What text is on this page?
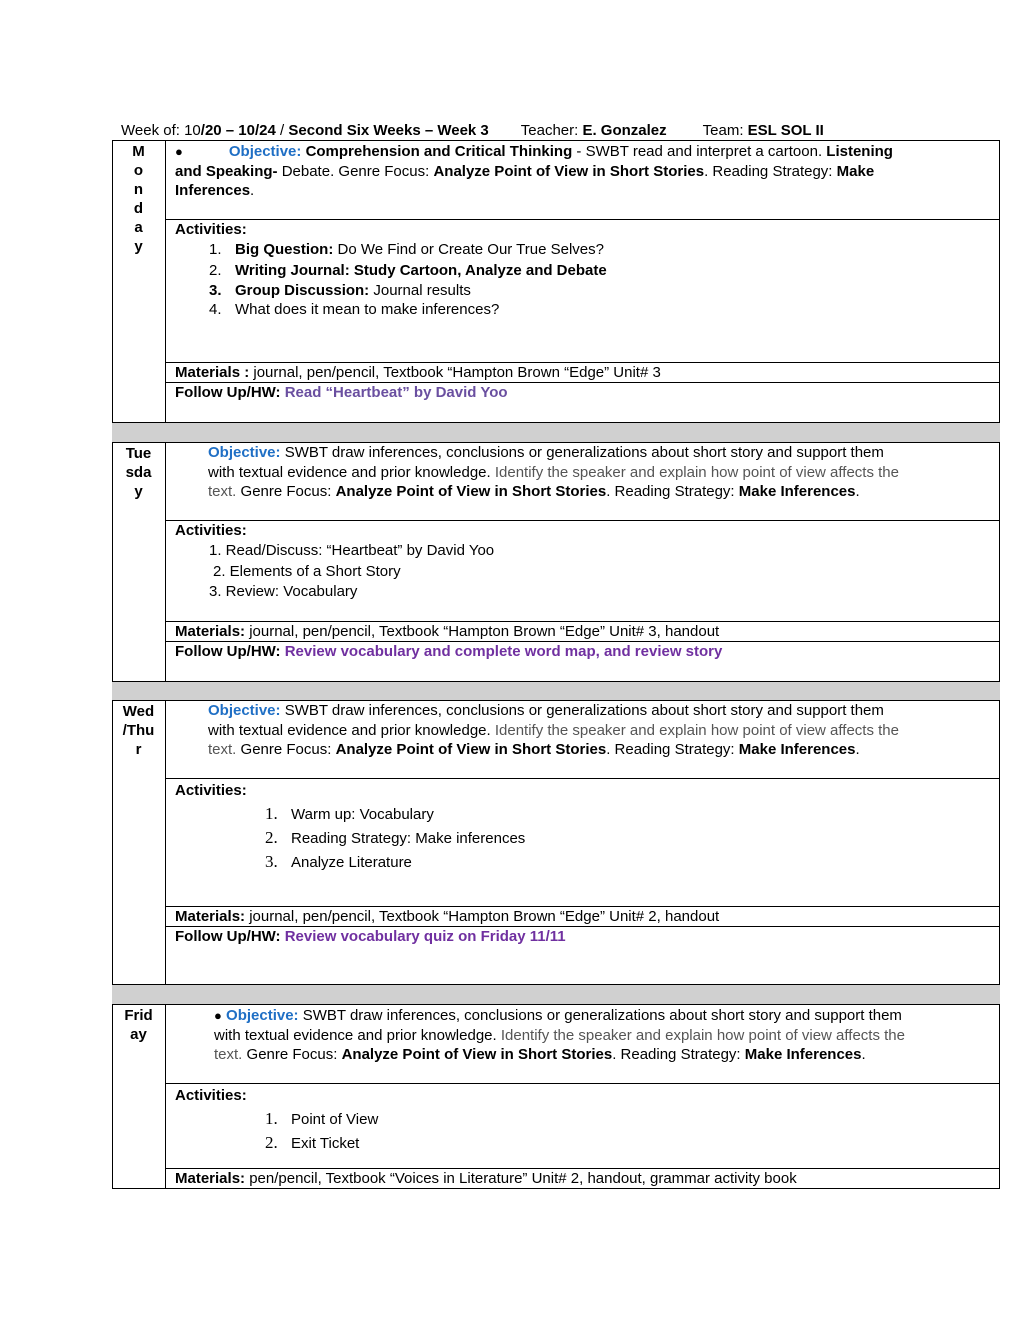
Week of: 10/20 – 10/24 / Second Six Weeks – Week 3 Teacher: E. Gonzalez Team: ESL SOL II
M
o
n
d
a
y
●	Objective: Comprehension and Critical Thinking - SWBT read and interpret a cartoon. Listening
and Speaking- Debate. Genre Focus: Analyze Point of View in Short Stories. Reading Strategy: Make
Inferences.
Activities:
1. Big Question: Do We Find or Create Our True Selves?

2. Writing Journal: Study Cartoon, Analyze and Debate
3. Group Discussion: Journal results
4. What does it mean to make inferences?
Materials : journal, pen/pencil, Textbook “Hampton Brown “Edge” Unit# 3
Follow Up/HW: Read “Heartbeat” by David Yoo
Tue
sda
y
Objective: SWBT draw inferences, conclusions or generalizations about short story and support them
with textual evidence and prior knowledge. Identify the speaker and explain how point of view affects the
text. Genre Focus: Analyze Point of View in Short Stories. Reading Strategy: Make Inferences.
Activities:

1. Read/Discuss: “Heartbeat” by David Yoo
2. Elements of a Short Story
3. Review: Vocabulary
Materials: journal, pen/pencil, Textbook “Hampton Brown “Edge” Unit# 3, handout
Follow Up/HW: Review vocabulary and complete word map, and review story
Wed
/Thu
r
Objective: SWBT draw inferences, conclusions or generalizations about short story and support them
with textual evidence and prior knowledge. Identify the speaker and explain how point of view affects the
text. Genre Focus: Analyze Point of View in Short Stories. Reading Strategy: Make Inferences.
Activities:

1. Warm up: Vocabulary
2. Reading Strategy: Make inferences
3. Analyze Literature
Materials: journal, pen/pencil, Textbook “Hampton Brown “Edge” Unit# 2, handout
Follow Up/HW: Review vocabulary quiz on Friday 11/11
Frid
ay
● Objective: SWBT draw inferences, conclusions or generalizations about short story and support them
with textual evidence and prior knowledge. Identify the speaker and explain how point of view affects the
text. Genre Focus: Analyze Point of View in Short Stories. Reading Strategy: Make Inferences.
Activities:

1. Point of View
2. Exit Ticket
Materials: pen/pencil, Textbook “Voices in Literature” Unit# 2, handout, grammar activity book
